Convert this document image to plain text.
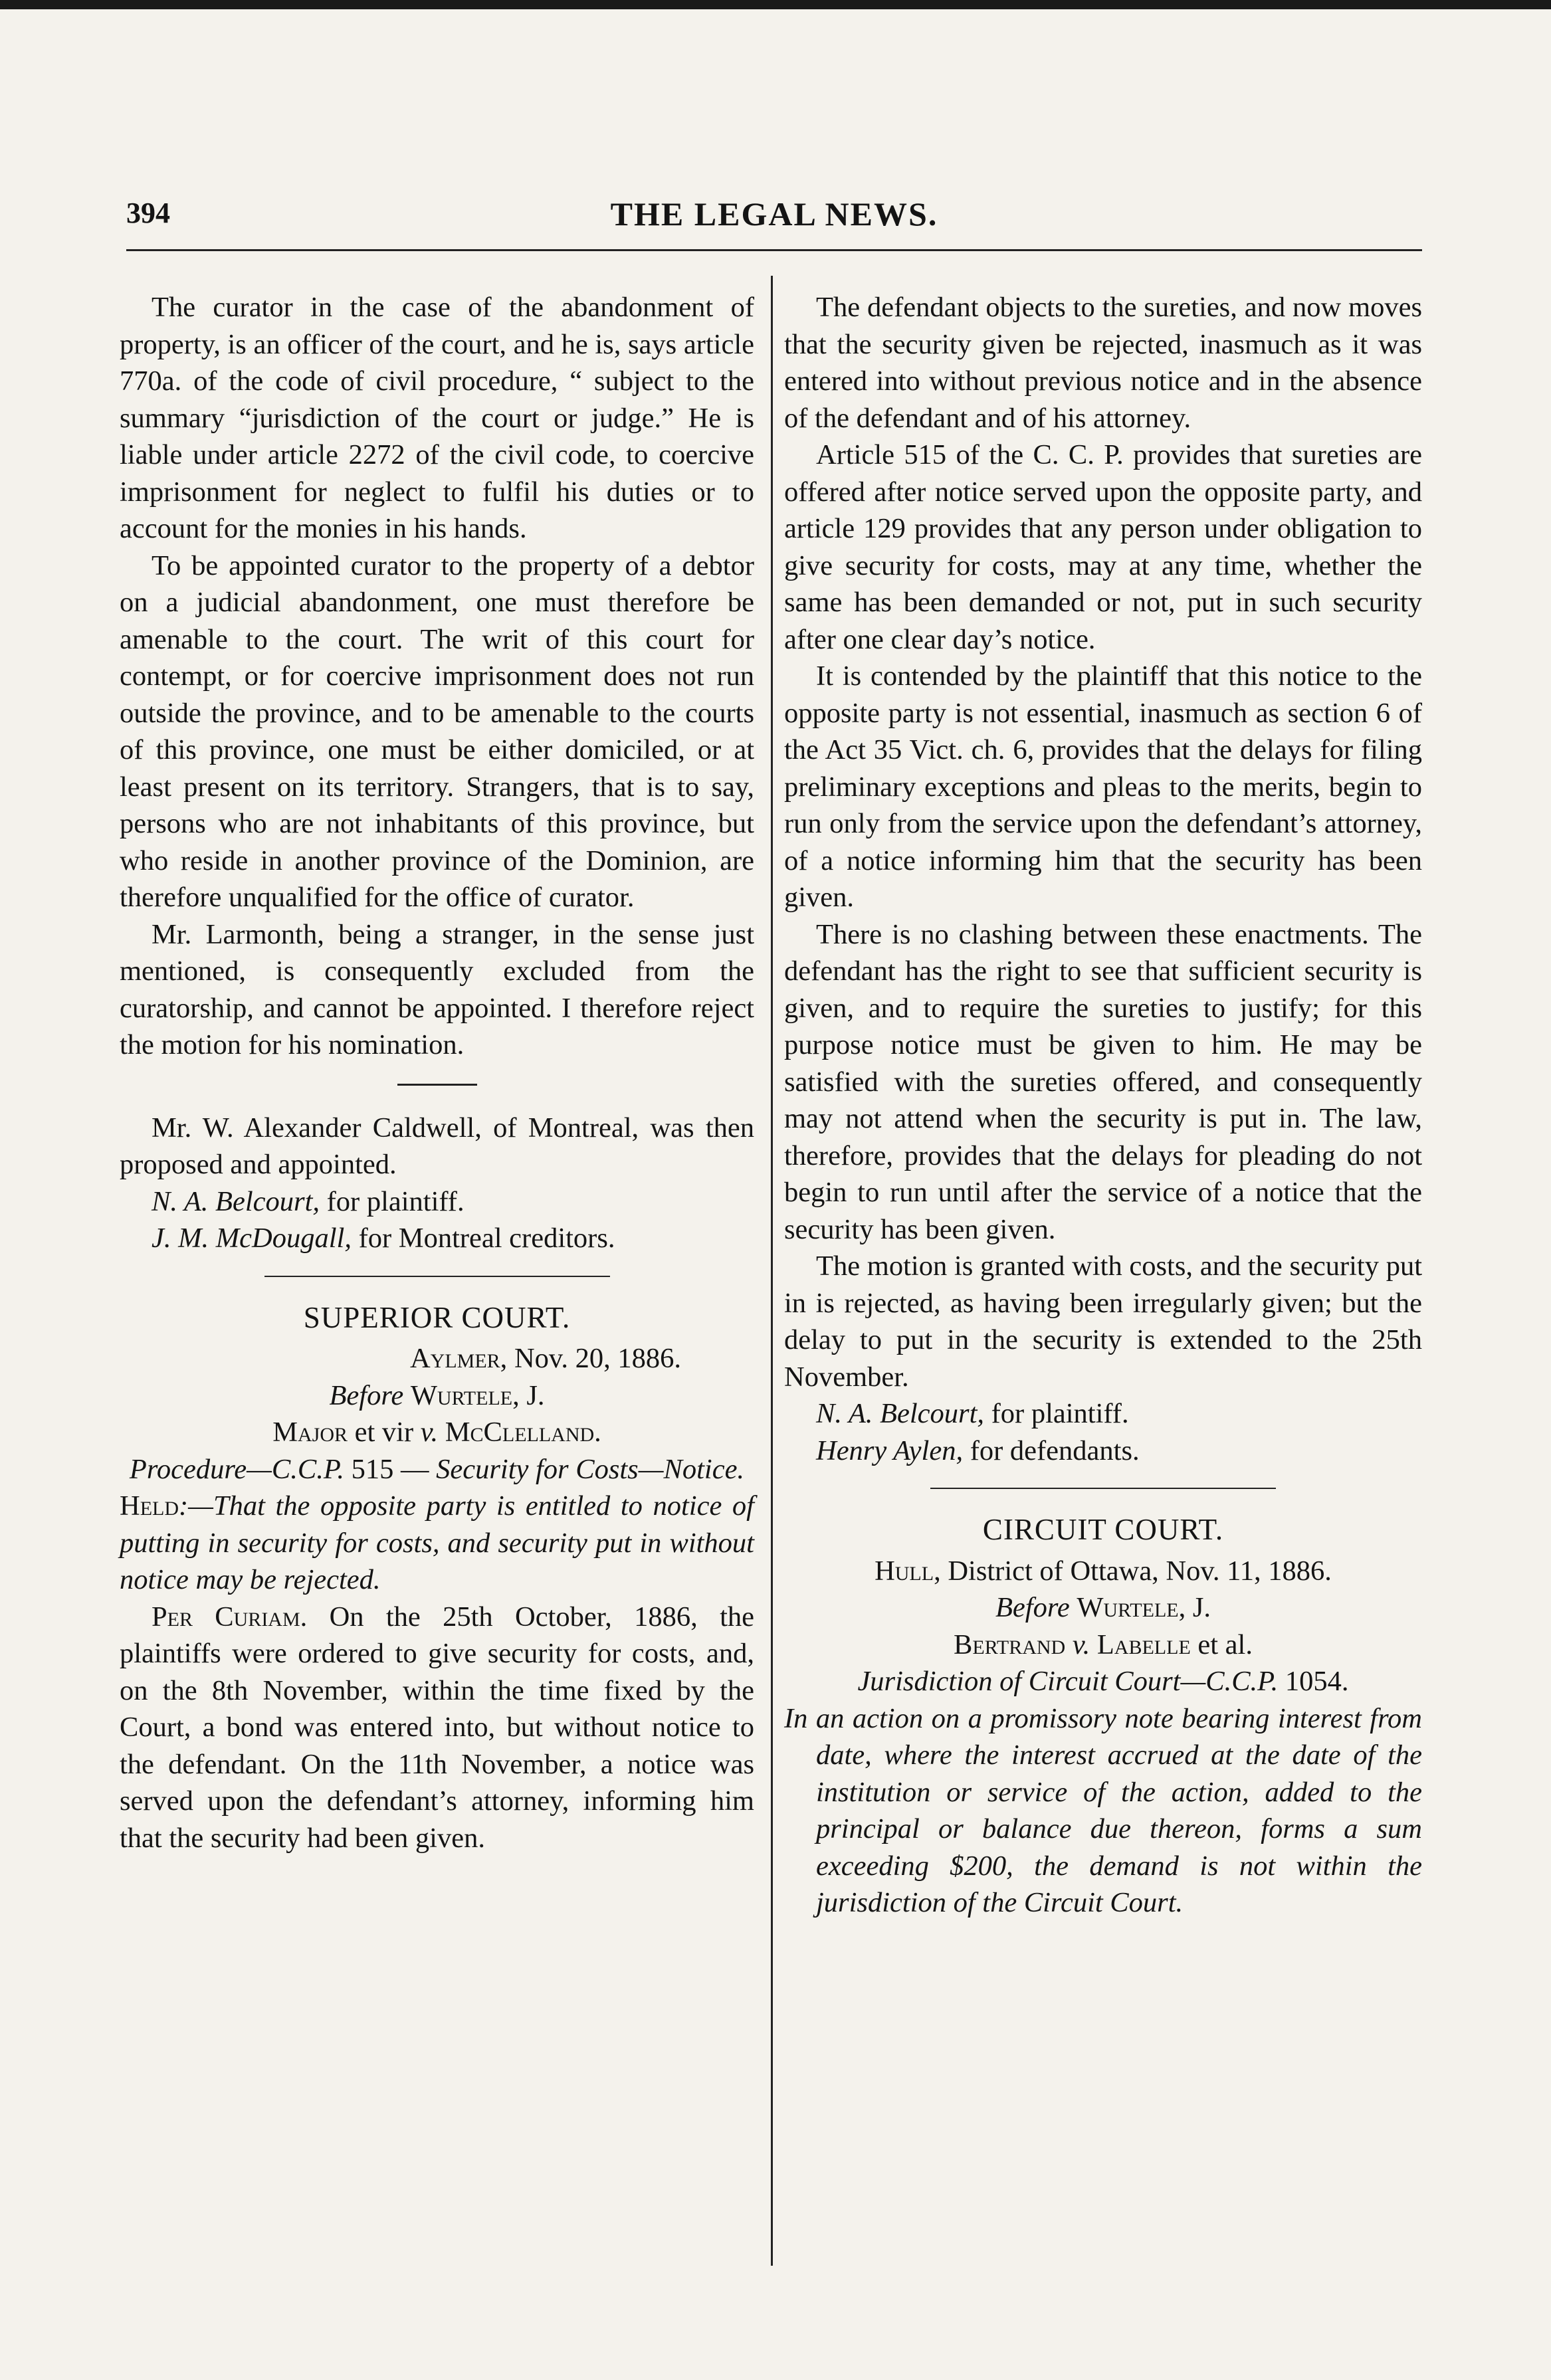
394	THE LEGAL NEWS.

The curator in the case of the abandonment of property, is an officer of the court, and he is, says article 770a. of the code of civil procedure, “ subject to the summary “jurisdiction of the court or judge.” He is liable under article 2272 of the civil code, to coercive imprisonment for neglect to fulfil his duties or to account for the monies in his hands.

To be appointed curator to the property of a debtor on a judicial abandonment, one must therefore be amenable to the court. The writ of this court for contempt, or for coercive imprisonment does not run outside the province, and to be amenable to the courts of this province, one must be either domiciled, or at least present on its territory. Strangers, that is to say, persons who are not inhabitants of this province, but who reside in another province of the Dominion, are therefore unqualified for the office of curator.

Mr. Larmonth, being a stranger, in the sense just mentioned, is consequently excluded from the curatorship, and cannot be appointed. I therefore reject the motion for his nomination.

Mr. W. Alexander Caldwell, of Montreal, was then proposed and appointed.

N. A. Belcourt, for plaintiff.

J. M. McDougall, for Montreal creditors.

SUPERIOR COURT.

Aylmer, Nov. 20, 1886.

Before Wurtele, J.

Major et vir v. McClelland.

Procedure—C.C.P. 515 — Security for Costs—Notice.

Held:—That the opposite party is entitled to notice of putting in security for costs, and security put in without notice may be rejected.

Per Curiam. On the 25th October, 1886, the plaintiffs were ordered to give security for costs, and, on the 8th November, within the time fixed by the Court, a bond was entered into, but without notice to the defendant. On the 11th November, a notice was served upon the defendant’s attorney, informing him that the security had been given.

The defendant objects to the sureties, and now moves that the security given be rejected, inasmuch as it was entered into without previous notice and in the absence of the defendant and of his attorney.

Article 515 of the C. C. P. provides that sureties are offered after notice served upon the opposite party, and article 129 provides that any person under obligation to give security for costs, may at any time, whether the same has been demanded or not, put in such security after one clear day’s notice.

It is contended by the plaintiff that this notice to the opposite party is not essential, inasmuch as section 6 of the Act 35 Vict. ch. 6, provides that the delays for filing preliminary exceptions and pleas to the merits, begin to run only from the service upon the defendant’s attorney, of a notice informing him that the security has been given.

There is no clashing between these enactments. The defendant has the right to see that sufficient security is given, and to require the sureties to justify; for this purpose notice must be given to him. He may be satisfied with the sureties offered, and consequently may not attend when the security is put in. The law, therefore, provides that the delays for pleading do not begin to run until after the service of a notice that the security has been given.

The motion is granted with costs, and the security put in is rejected, as having been irregularly given; but the delay to put in the security is extended to the 25th November.

N. A. Belcourt, for plaintiff.

Henry Aylen, for defendants.

CIRCUIT COURT.

Hull, District of Ottawa, Nov. 11, 1886.

Before Wurtele, J.

Bertrand v. Labelle et al.

Jurisdiction of Circuit Court—C.C.P. 1054.

In an action on a promissory note bearing interest from date, where the interest accrued at the date of the institution or service of the action, added to the principal or balance due thereon, forms a sum exceeding $200, the demand is not within the jurisdiction of the Circuit Court.
